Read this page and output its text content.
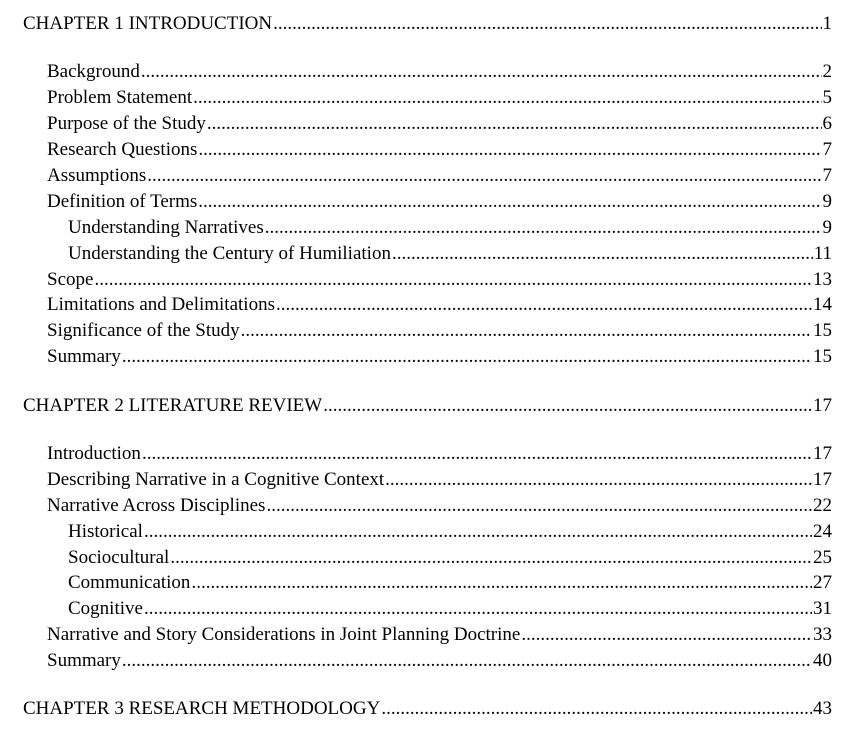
CHAPTER 1 INTRODUCTION .....	1
Background .....	2
Problem Statement .....	5
Purpose of the Study .....	6
Research Questions .....	7
Assumptions .....	7
Definition of Terms .....	9
Understanding Narratives .....	9
Understanding the Century of Humiliation .....	11
Scope .....	13
Limitations and Delimitations .....	14
Significance of the Study .....	15
Summary .....	15
CHAPTER 2 LITERATURE REVIEW .....	17
Introduction .....	17
Describing Narrative in a Cognitive Context .....	17
Narrative Across Disciplines .....	22
Historical .....	24
Sociocultural .....	25
Communication .....	27
Cognitive .....	31
Narrative and Story Considerations in Joint Planning Doctrine .....	33
Summary .....	40
CHAPTER 3 RESEARCH METHODOLOGY .....	43
